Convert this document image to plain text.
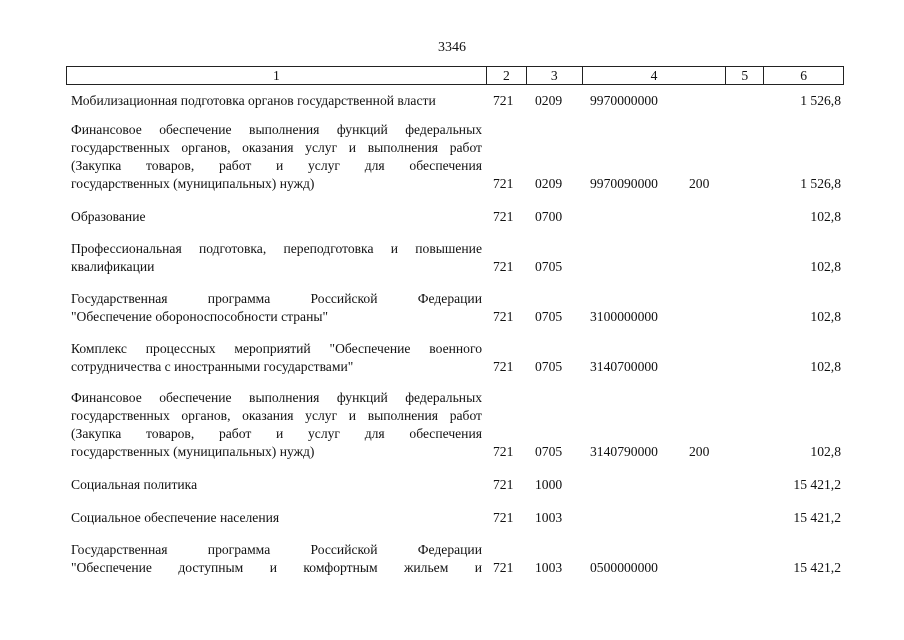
3346
1	2	3	4	5	6
Мобилизационная подготовка органов государственной власти	721 0209 9970000000	1 526,8
Финансовое обеспечение выполнения функций федеральных
государственных органов, оказания услуг и выполнения работ
(Закупка товаров, работ и услуг для обеспечения
государственных (муниципальных) нужд)	721 0209 9970090000 200	1 526,8
Образование	721 0700	102,8
Профессиональная подготовка, переподготовка и повышение
квалификации	721 0705	102,8
Государственная программа Российской Федерации
"Обеспечение обороноспособности страны"	721 0705 3100000000	102,8
Комплекс процессных мероприятий "Обеспечение военного
сотрудничества с иностранными государствами"	721 0705 3140700000	102,8
Финансовое обеспечение выполнения функций федеральных
государственных органов, оказания услуг и выполнения работ
(Закупка товаров, работ и услуг для обеспечения
государственных (муниципальных) нужд)	721 0705 3140790000 200	102,8
Социальная политика	721 1000	15 421,2
Социальное обеспечение населения	721 1003	15 421,2
Государственная программа Российской Федерации
"Обеспечение доступным и комфортным жильем и 721 1003 0500000000	15 421,2
